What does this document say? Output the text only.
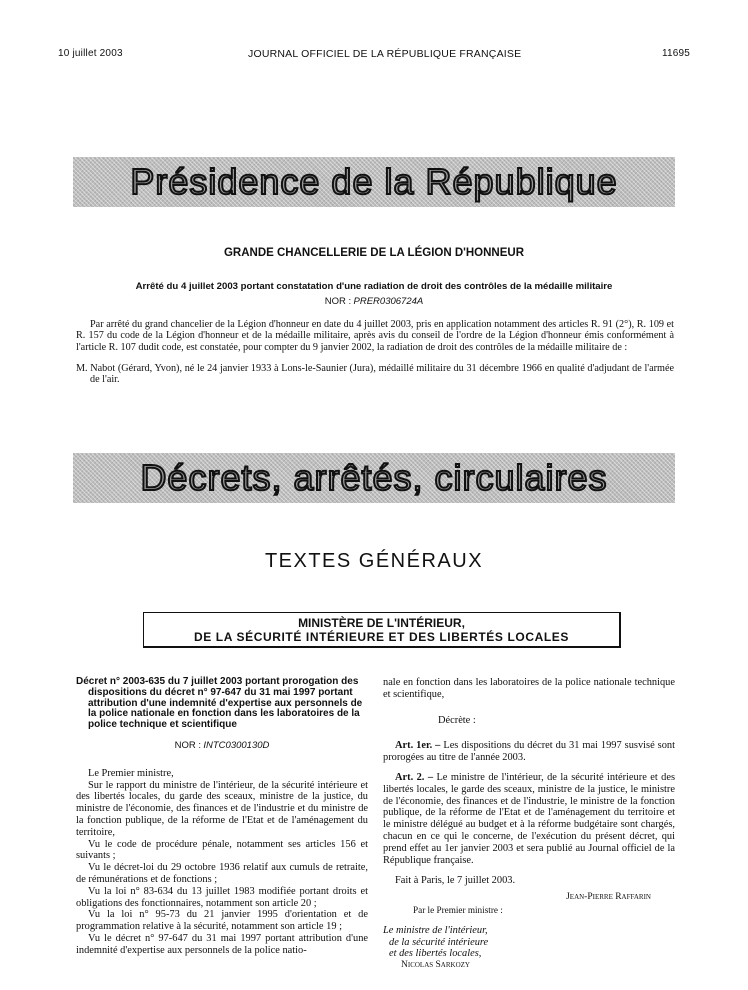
10 juillet 2003	JOURNAL OFFICIEL DE LA RÉPUBLIQUE FRANÇAISE	11695
Présidence de la République
GRANDE CHANCELLERIE DE LA LÉGION D'HONNEUR
Arrêté du 4 juillet 2003 portant constatation d'une radiation de droit des contrôles de la médaille militaire
NOR : PRER0306724A
Par arrêté du grand chancelier de la Légion d'honneur en date du 4 juillet 2003, pris en application notamment des articles R. 91 (2°), R. 109 et R. 157 du code de la Légion d'honneur et de la médaille militaire, après avis du conseil de l'ordre de la Légion d'honneur émis conformément à l'article R. 107 dudit code, est constatée, pour compter du 9 janvier 2002, la radiation de droit des contrôles de la médaille militaire de :
M. Nabot (Gérard, Yvon), né le 24 janvier 1933 à Lons-le-Saunier (Jura), médaillé militaire du 31 décembre 1966 en qualité d'adjudant de l'armée de l'air.
Décrets, arrêtés, circulaires
TEXTES GÉNÉRAUX
MINISTÈRE DE L'INTÉRIEUR,
DE LA SÉCURITÉ INTÉRIEURE ET DES LIBERTÉS LOCALES
Décret n° 2003-635 du 7 juillet 2003 portant prorogation des dispositions du décret n° 97-647 du 31 mai 1997 portant attribution d'une indemnité d'expertise aux personnels de la police nationale en fonction dans les laboratoires de la police technique et scientifique
NOR : INTC0300130D

Le Premier ministre,

Sur le rapport du ministre de l'intérieur, de la sécurité intérieure et des libertés locales, du garde des sceaux, ministre de la justice, du ministre de l'économie, des finances et de l'industrie et du ministre de la fonction publique, de la réforme de l'Etat et de l'aménagement du territoire,

Vu le code de procédure pénale, notamment ses articles 156 et suivants ;

Vu le décret-loi du 29 octobre 1936 relatif aux cumuls de retraite, de rémunérations et de fonctions ;

Vu la loi n° 83-634 du 13 juillet 1983 modifiée portant droits et obligations des fonctionnaires, notamment son article 20 ;

Vu la loi n° 95-73 du 21 janvier 1995 d'orientation et de programmation relative à la sécurité, notamment son article 19 ;

Vu le décret n° 97-647 du 31 mai 1997 portant attribution d'une indemnité d'expertise aux personnels de la police natio-

nale en fonction dans les laboratoires de la police nationale technique et scientifique,

Décrète :

Art. 1er. – Les dispositions du décret du 31 mai 1997 susvisé sont prorogées au titre de l'année 2003.

Art. 2. – Le ministre de l'intérieur, de la sécurité intérieure et des libertés locales, le garde des sceaux, ministre de la justice, le ministre de l'économie, des finances et de l'industrie, le ministre de la fonction publique, de la réforme de l'Etat et de l'aménagement du territoire et le ministre délégué au budget et à la réforme budgétaire sont chargés, chacun en ce qui le concerne, de l'exécution du présent décret, qui prend effet au 1er janvier 2003 et sera publié au Journal officiel de la République française.

Fait à Paris, le 7 juillet 2003.

Jean-Pierre Raffarin
Par le Premier ministre :
Le ministre de l'intérieur,
de la sécurité intérieure
et des libertés locales,
Nicolas Sarkozy
